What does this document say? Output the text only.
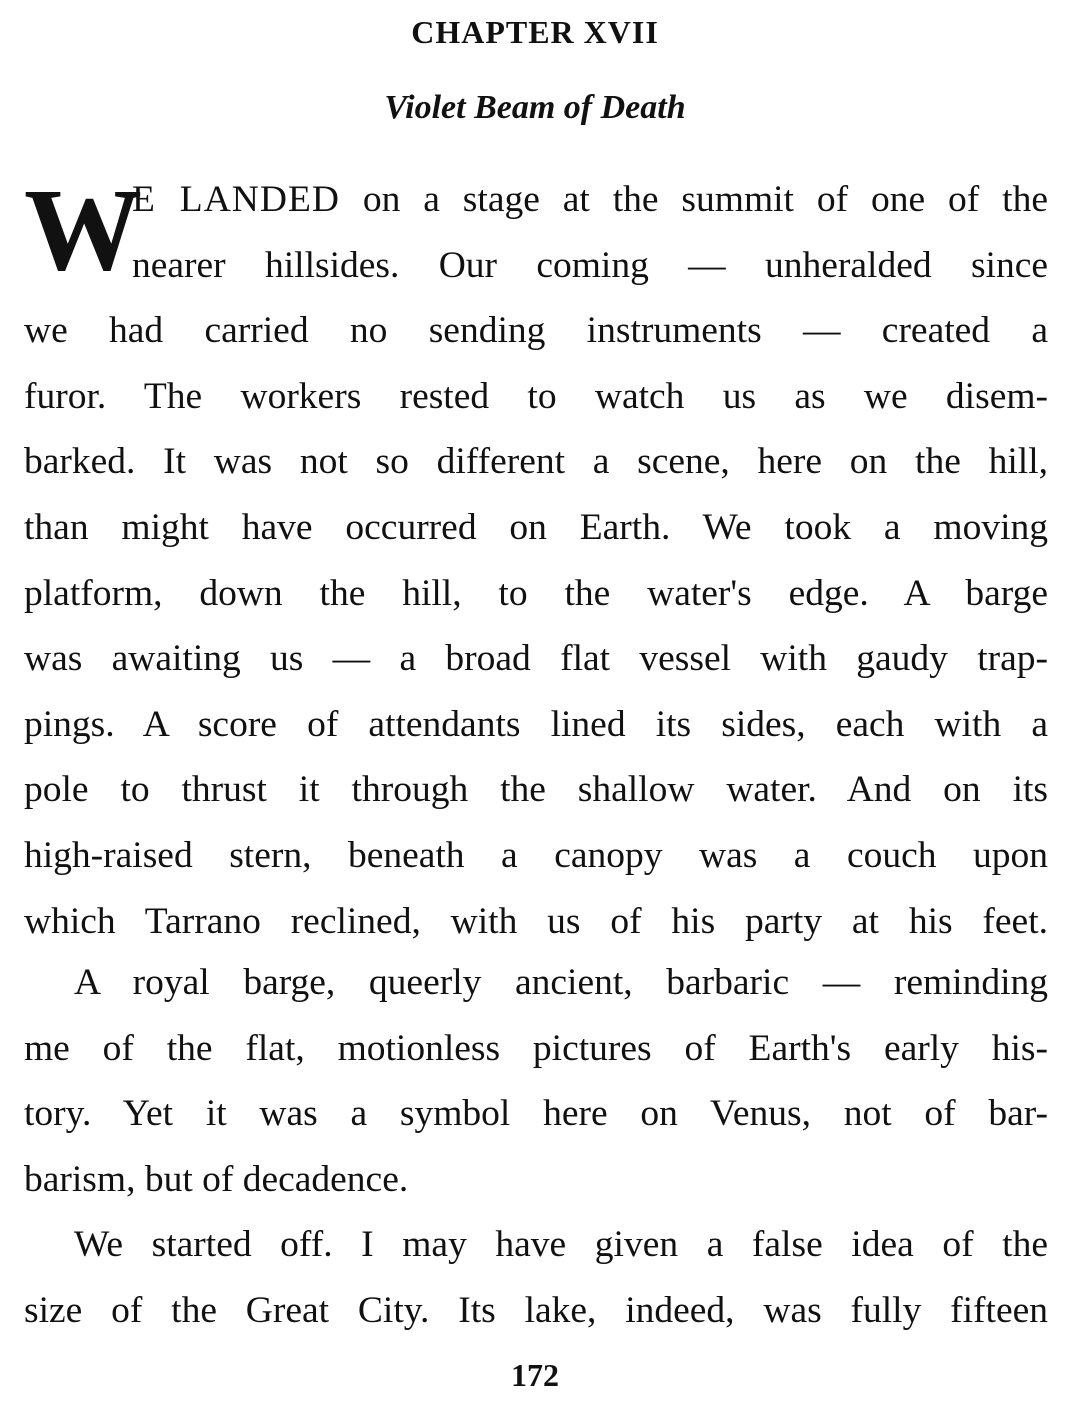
CHAPTER XVII
Violet Beam of Death
W
E LANDED on a stage at the summit of one of the
nearer hillsides. Our coming — unheralded since
we had carried no sending instruments — created a
furor. The workers rested to watch us as we disem-
barked. It was not so different a scene, here on the hill,
than might have occurred on Earth. We took a moving
platform, down the hill, to the water's edge. A barge
was awaiting us — a broad flat vessel with gaudy trap-
pings. A score of attendants lined its sides, each with a
pole to thrust it through the shallow water. And on its
high-raised stern, beneath a canopy was a couch upon
which Tarrano reclined, with us of his party at his feet.
A royal barge, queerly ancient, barbaric — reminding
me of the flat, motionless pictures of Earth's early his-
tory. Yet it was a symbol here on Venus, not of bar-
barism, but of decadence.
We started off. I may have given a false idea of the
size of the Great City. Its lake, indeed, was fully fifteen
172
